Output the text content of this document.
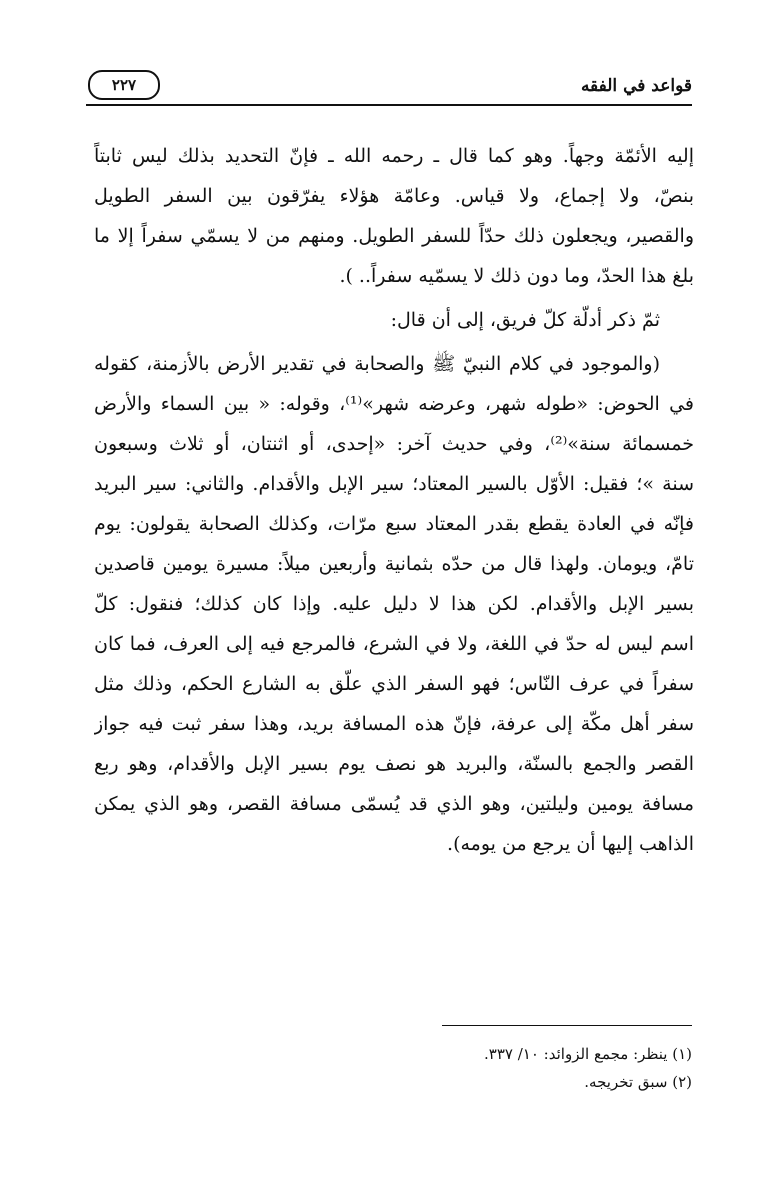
قواعد في الفقه
٢٢٧
إليه الأئمّة وجهاً. وهو كما قال ـ رحمه الله ـ فإنّ التحديد بذلك ليس ثابتاً
بنصّ، ولا إجماع، ولا قياس. وعامّة هؤلاء يفرّقون بين السفر الطويل
والقصير، ويجعلون ذلك حدّاً للسفر الطويل. ومنهم من لا يسمّي سفراً إلا ما
بلغ هذا الحدّ، وما دون ذلك لا يسمّيه سفراً.. ).
ثمّ ذكر أدلّة كلّ فريق، إلى أن قال:
(والموجود في كلام النبيّ ﷺ والصحابة في تقدير الأرض بالأزمنة، كقوله
في الحوض: «طوله شهر، وعرضه شهر»⁽¹⁾، وقوله: « بين السماء والأرض
خمسمائة سنة»⁽²⁾، وفي حديث آخر: «إحدى، أو اثنتان، أو ثلاث وسبعون
سنة »؛ فقيل: الأوّل بالسير المعتاد؛ سير الإبل والأقدام. والثاني: سير البريد
فإنّه في العادة يقطع بقدر المعتاد سبع مرّات، وكذلك الصحابة يقولون: يوم
تامّ، ويومان. ولهذا قال من حدّه بثمانية وأربعين ميلاً: مسيرة يومين قاصدين
بسير الإبل والأقدام. لكن هذا لا دليل عليه. وإذا كان كذلك؛ فنقول: كلّ
اسم ليس له حدّ في اللغة، ولا في الشرع، فالمرجع فيه إلى العرف، فما كان
سفراً في عرف النّاس؛ فهو السفر الذي علّق به الشارع الحكم، وذلك مثل
سفر أهل مكّة إلى عرفة، فإنّ هذه المسافة بريد، وهذا سفر ثبت فيه جواز
القصر والجمع بالسنّة، والبريد هو نصف يوم بسير الإبل والأقدام، وهو ربع
مسافة يومين وليلتين، وهو الذي قد يُسمّى مسافة القصر، وهو الذي يمكن
الذاهب إليها أن يرجع من يومه).
(١) ينظر: مجمع الزوائد: ١٠/ ٣٣٧.
(٢) سبق تخريجه.
